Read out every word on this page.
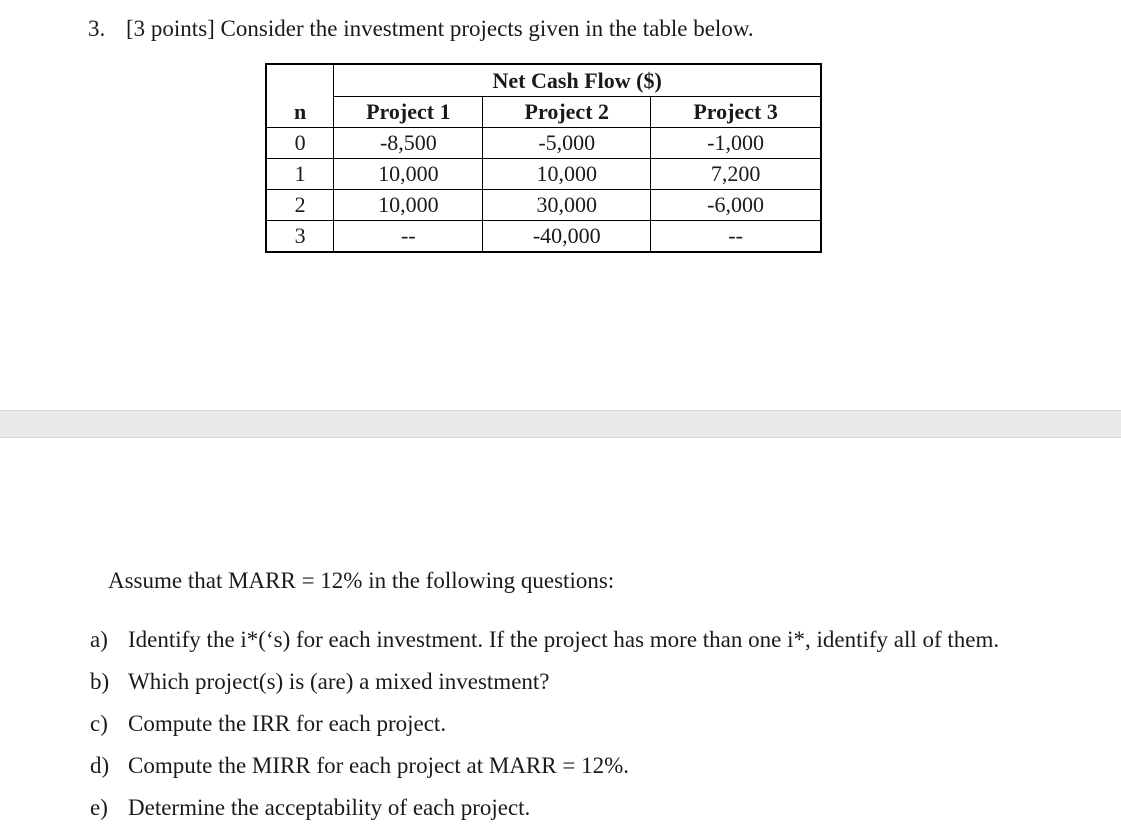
3. [3 points] Consider the investment projects given in the table below.
	Net Cash Flow ($)		
n	Project 1	Project 2	Project 3
0	-8,500	-5,000	-1,000
1	10,000	10,000	7,200
2	10,000	30,000	-6,000
3	--	-40,000	--
Assume that MARR = 12% in the following questions:
a) Identify the i*(‘s) for each investment. If the project has more than one i*, identify all of them.
b) Which project(s) is (are) a mixed investment?
c) Compute the IRR for each project.
d) Compute the MIRR for each project at MARR = 12%.
e) Determine the acceptability of each project.
